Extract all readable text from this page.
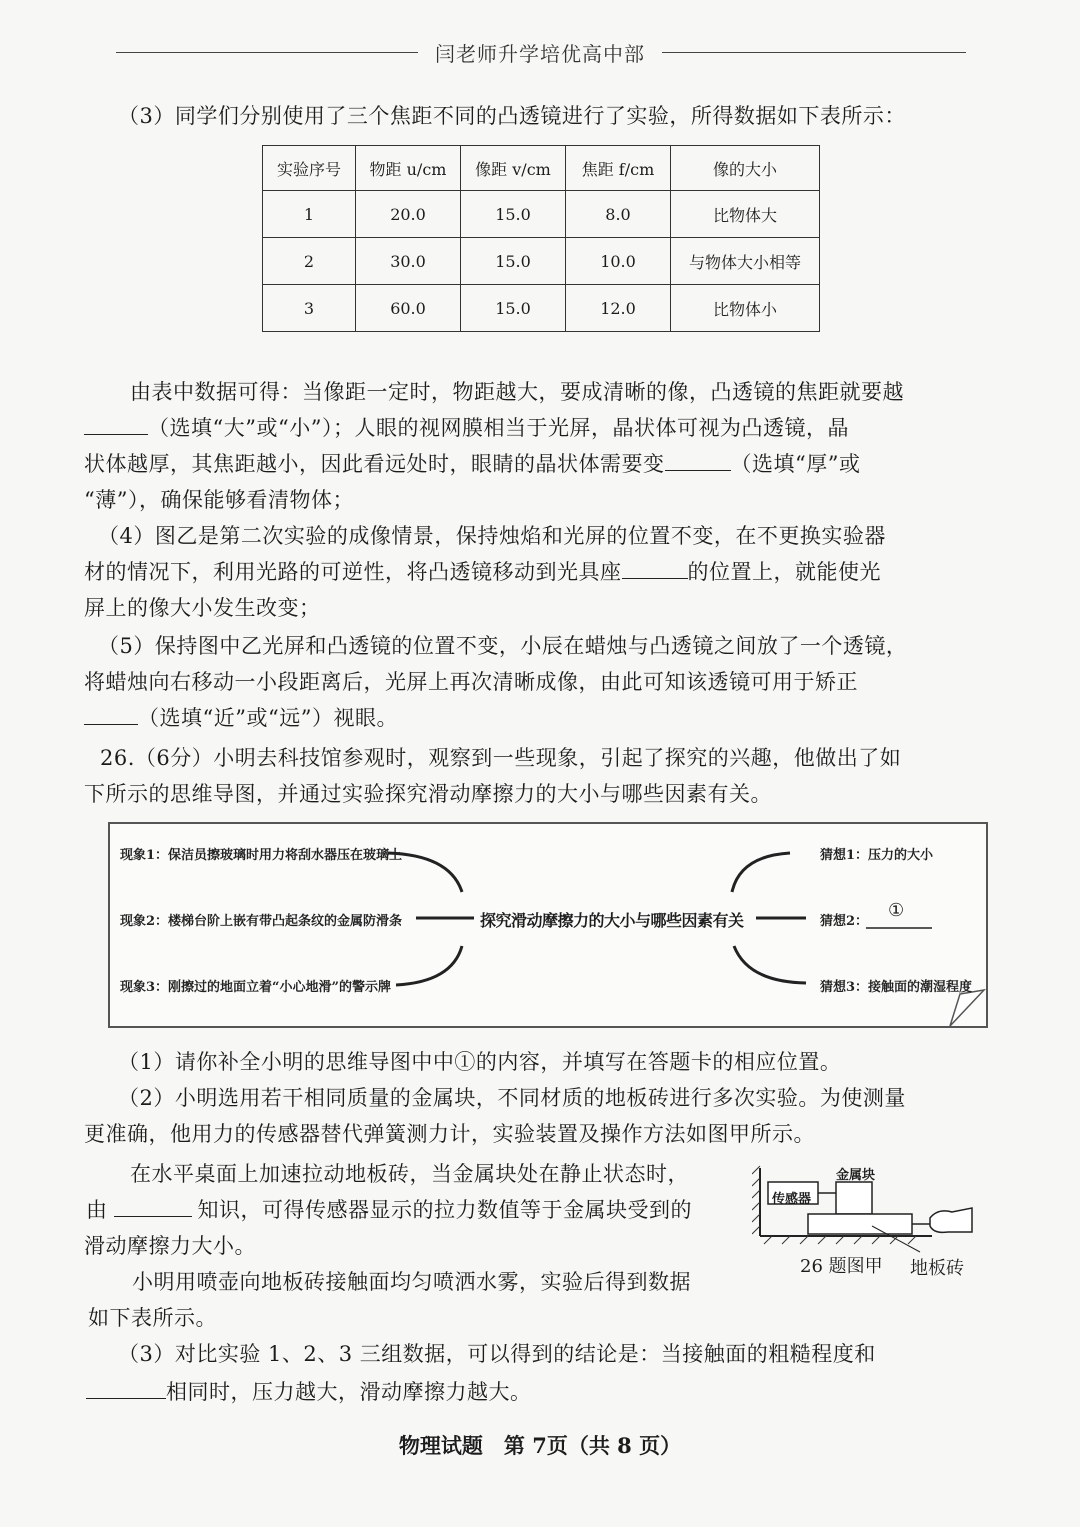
闫老师升学培优高中部
（3）同学们分别使用了三个焦距不同的凸透镜进行了实验，所得数据如下表所示：
实验序号	物距 u/cm	像距 v/cm	焦距 f/cm	像的大小
1	20.0	15.0	8.0	比物体大
2	30.0	15.0	10.0	与物体大小相等
3	60.0	15.0	12.0	比物体小
由表中数据可得：当像距一定时，物距越大，要成清晰的像，凸透镜的焦距就要越
（选填“大”或“小”）；人眼的视网膜相当于光屏，晶状体可视为凸透镜，晶
状体越厚，其焦距越小，因此看远处时，眼睛的晶状体需要变	（选填“厚”或
“薄”），确保能够看清物体；
（4）图乙是第二次实验的成像情景，保持烛焰和光屏的位置不变，在不更换实验器
材的情况下，利用光路的可逆性，将凸透镜移动到光具座	的位置上，就能使光
屏上的像大小发生改变；
（5）保持图中乙光屏和凸透镜的位置不变，小辰在蜡烛与凸透镜之间放了一个透镜，
将蜡烛向右移动一小段距离后，光屏上再次清晰成像，由此可知该透镜可用于矫正
（选填“近”或“远”）视眼。
26.（6分）小明去科技馆参观时，观察到一些现象，引起了探究的兴趣，他做出了如
下所示的思维导图，并通过实验探究滑动摩擦力的大小与哪些因素有关。
现象1：保洁员擦玻璃时用力将刮水器压在玻璃上
现象2：楼梯台阶上嵌有带凸起条纹的金属防滑条
现象3：刚擦过的地面立着“小心地滑”的警示牌
探究滑动摩擦力的大小与哪些因素有关
猜想1：压力的大小
猜想2：
①
猜想3：接触面的潮湿程度
（1）请你补全小明的思维导图中中①的内容，并填写在答题卡的相应位置。
（2）小明选用若干相同质量的金属块，不同材质的地板砖进行多次实验。为使测量
更准确，他用力的传感器替代弹簧测力计，实验装置及操作方法如图甲所示。
在水平桌面上加速拉动地板砖，当金属块处在静止状态时，
由	知识，可得传感器显示的拉力数值等于金属块受到的
滑动摩擦力大小。
小明用喷壶向地板砖接触面均匀喷洒水雾，实验后得到数据
如下表所示。
（3）对比实验 1、2、3 三组数据，可以得到的结论是：当接触面的粗糙程度和
相同时，压力越大，滑动摩擦力越大。
传感器
金属块
26 题图甲 地板砖
物理试题　第 7页（共 8 页）
